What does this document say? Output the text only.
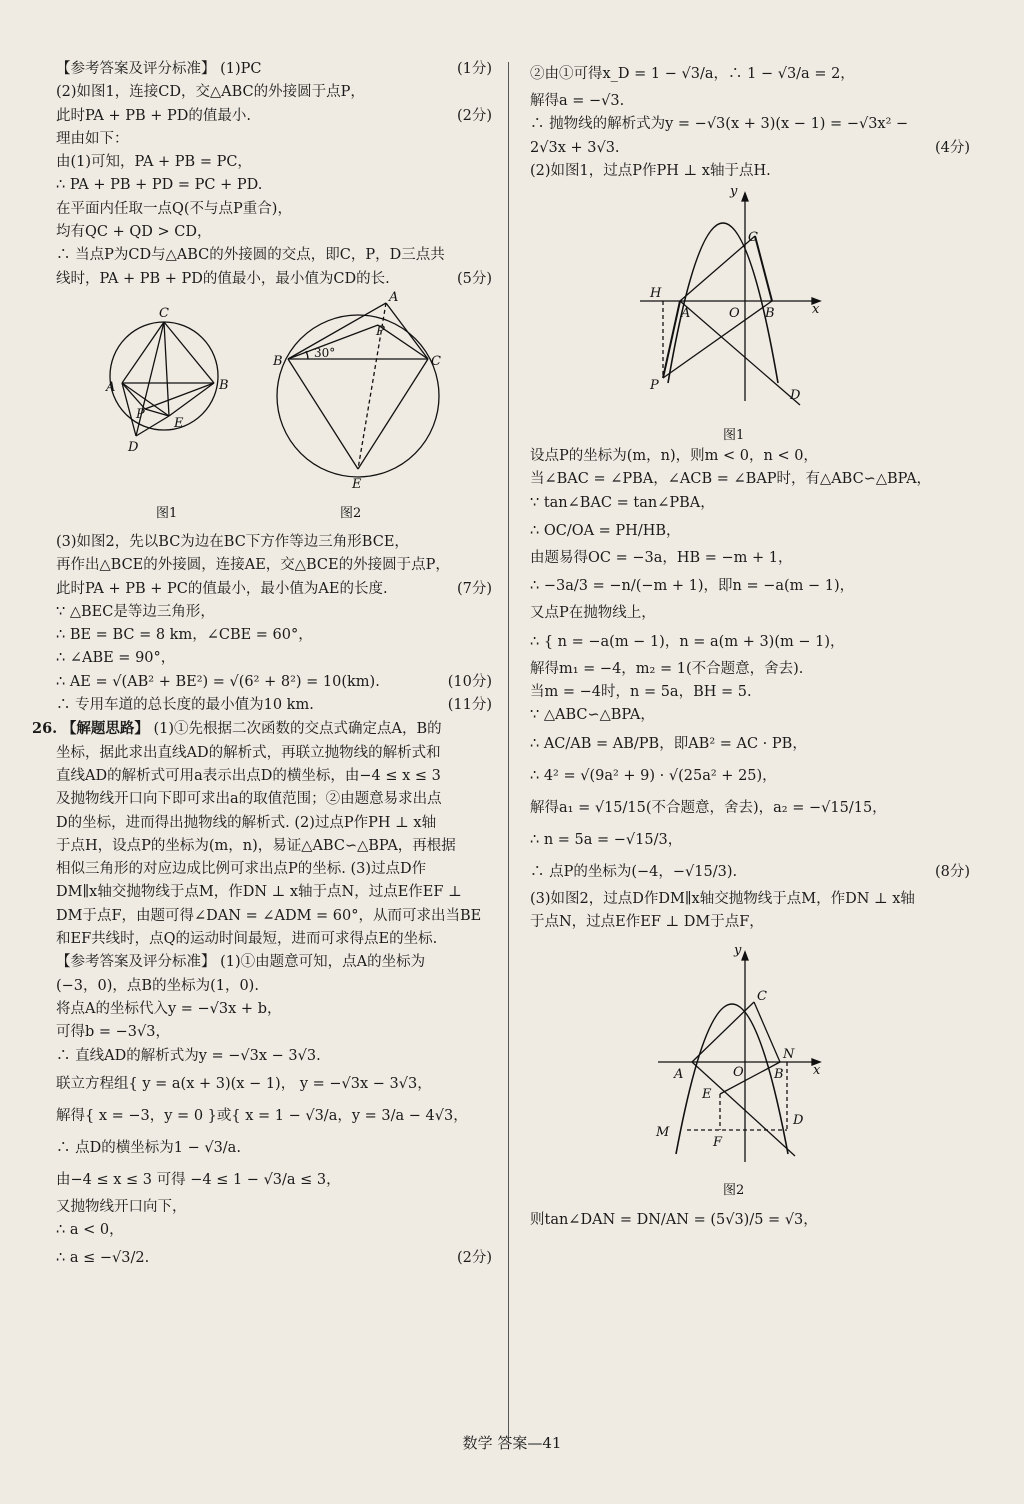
【参考答案及评分标准】 (1)PC	(1分)
(2)如图1，连接CD，交△ABC的外接圆于点P，
此时PA + PB + PD的值最小.	(2分)
理由如下：
由(1)可知，PA + PB = PC，
∴ PA + PB + PD = PC + PD.
在平面内任取一点Q(不与点P重合)，
均有QC + QD > CD，
∴ 当点P为CD与△ABC的外接圆的交点，即C，P，D三点共
线时，PA + PB + PD的值最小，最小值为CD的长.	(5分)
C
A	B
P
E
D
A
P
B	C
E
30°
图1	图2
(3)如图2，先以BC为边在BC下方作等边三角形BCE，
再作出△BCE的外接圆，连接AE，交△BCE的外接圆于点P，
此时PA + PB + PC的值最小，最小值为AE的长度.	(7分)
∵ △BEC是等边三角形，
∴ BE = BC = 8 km，∠CBE = 60°，
∴ ∠ABE = 90°，
∴ AE = √(AB² + BE²) = √(6² + 8²) = 10(km).	(10分)
∴ 专用车道的总长度的最小值为10 km.	(11分)
26. 【解题思路】 (1)①先根据二次函数的交点式确定点A，B的
坐标，据此求出直线AD的解析式，再联立抛物线的解析式和
直线AD的解析式可用a表示出点D的横坐标，由−4 ≤ x ≤ 3
及抛物线开口向下即可求出a的取值范围；②由题意易求出点
D的坐标，进而得出抛物线的解析式. (2)过点P作PH ⊥ x轴
于点H，设点P的坐标为(m，n)，易证△ABC∽△BPA，再根据
相似三角形的对应边成比例可求出点P的坐标. (3)过点D作
DM∥x轴交抛物线于点M，作DN ⊥ x轴于点N，过点E作EF ⊥
DM于点F，由题可得∠DAN = ∠ADM = 60°，从而可求出当BE
和EF共线时，点Q的运动时间最短，进而可求得点E的坐标.
【参考答案及评分标准】 (1)①由题意可知，点A的坐标为
(−3，0)，点B的坐标为(1，0).
将点A的坐标代入y = −√3x + b，
可得b = −3√3，
∴ 直线AD的解析式为y = −√3x − 3√3.
联立方程组{ y = a(x + 3)(x − 1)， y = −√3x − 3√3，
解得{ x = −3，y = 0 }或{ x = 1 − √3/a，y = 3/a − 4√3，
∴ 点D的横坐标为1 − √3/a.
由−4 ≤ x ≤ 3 可得 −4 ≤ 1 − √3/a ≤ 3，
又抛物线开口向下，
∴ a < 0，
∴ a ≤ −√3/2.	(2分)
②由①可得x_D = 1 − √3/a，∴ 1 − √3/a = 2，
解得a = −√3.
∴ 抛物线的解析式为y = −√3(x + 3)(x − 1) = −√3x² −
2√3x + 3√3.	(4分)
(2)如图1，过点P作PH ⊥ x轴于点H.
y
x
C
H
A	O B
P
D
图1
设点P的坐标为(m，n)，则m < 0，n < 0，
当∠BAC = ∠PBA，∠ACB = ∠BAP时，有△ABC∽△BPA，
∵ tan∠BAC = tan∠PBA，
∴ OC/OA = PH/HB，
由题易得OC = −3a，HB = −m + 1，
∴ −3a/3 = −n/(−m + 1)，即n = −a(m − 1)，
又点P在抛物线上，
∴ { n = −a(m − 1)，n = a(m + 3)(m − 1)，
解得m₁ = −4，m₂ = 1(不合题意，舍去).
当m = −4时，n = 5a，BH = 5.
∵ △ABC∽△BPA，
∴ AC/AB = AB/PB，即AB² = AC · PB，
∴ 4² = √(9a² + 9) · √(25a² + 25)，
解得a₁ = √15/15(不合题意，舍去)，a₂ = −√15/15，
∴ n = 5a = −√15/3，
∴ 点P的坐标为(−4，−√15/3).	(8分)
(3)如图2，过点D作DM∥x轴交抛物线于点M，作DN ⊥ x轴
于点N，过点E作EF ⊥ DM于点F，
y
x
C
N
A	O B
E
D
M
F
图2
则tan∠DAN = DN/AN = (5√3)/5 = √3，
数学 答案—41
